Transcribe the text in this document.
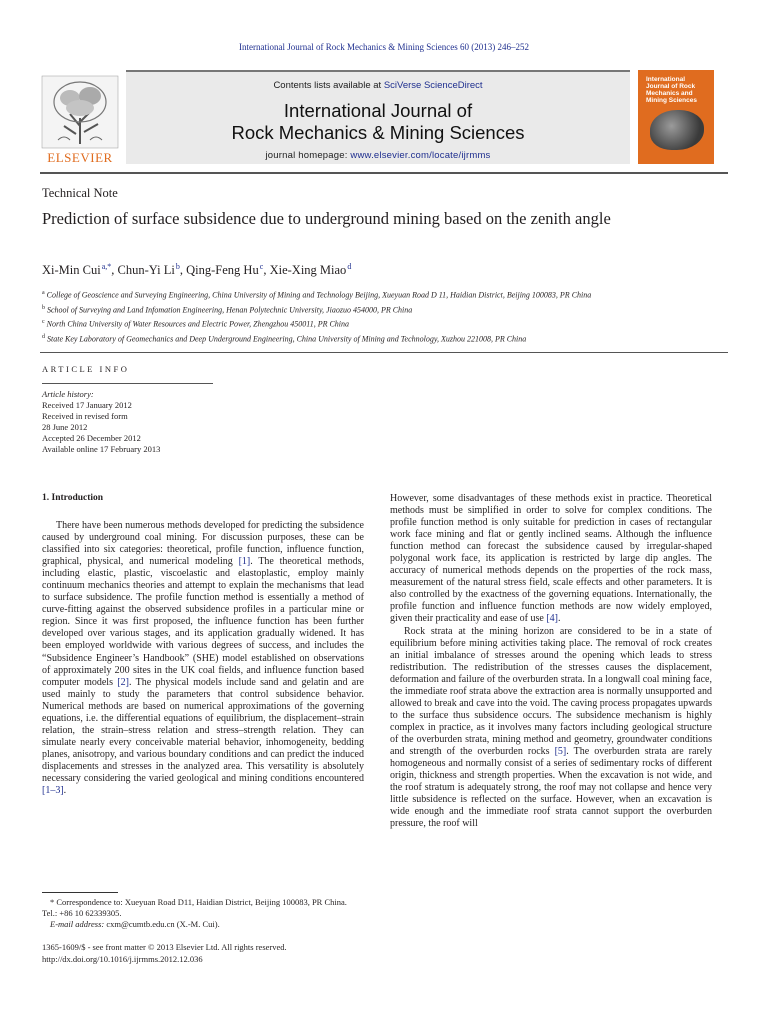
International Journal of Rock Mechanics & Mining Sciences 60 (2013) 246–252
ELSEVIER
Contents lists available at SciVerse ScienceDirect
International Journal of
Rock Mechanics & Mining Sciences
journal homepage: www.elsevier.com/locate/ijrmms
International Journal of Rock Mechanics and Mining Sciences
Technical Note
Prediction of surface subsidence due to underground mining based on the zenith angle
Xi-Min Cui $^{a,*}$, Chun-Yi Li $^b$, Qing-Feng Hu $^c$, Xie-Xing Miao $^d$
$^a$ College of Geoscience and Surveying Engineering, China University of Mining and Technology Beijing, Xueyuan Road D 11, Haidian District, Beijing 100083, PR China
$^b$ School of Surveying and Land Infomation Engineering, Henan Polytechnic University, Jiaozuo 454000, PR China
$^c$ North China University of Water Resources and Electric Power, Zhengzhou 450011, PR China
$^d$ State Key Laboratory of Geomechanics and Deep Underground Engineering, China University of Mining and Technology, Xuzhou 221008, PR China
ARTICLE INFO
Article history:
Received 17 January 2012
Received in revised form
28 June 2012
Accepted 26 December 2012
Available online 17 February 2013
1. Introduction

There have been numerous methods developed for predicting the subsidence caused by underground coal mining. For discussion purposes, these can be classified into six categories: theoretical, profile function, influence function, graphical, physical, and numerical modeling [1]. The theoretical methods, including elastic, plastic, viscoelastic and elastoplastic, employ mainly continuum mechanics theories and attempt to explain the mechanisms that lead to surface subsidence. The profile function method is essentially a method of curve-fitting against the observed subsidence profiles in a particular mine or region. Since it was first proposed, the influence function has been further developed over various stages, and its application gradually widened. It has been employed worldwide with various degrees of success, and includes the “Subsidence Engineer’s Handbook” (SHE) model established on observations of approximately 200 sites in the UK coal fields, and influence function based computer models [2]. The physical models include sand and gelatin and are used mainly to study the parameters that control subsidence behavior. Numerical methods are based on numerical approximations of the governing equations, i.e. the differential equations of equilibrium, the displacement–strain relation, the strain–stress relation and stress–strength relation. They can simulate nearly every conceivable material behavior, inhomogeneity, bedding planes, anisotropy, and various boundary conditions and can predict the induced displacements and stresses in the analyzed area. This versatility is absolutely necessary considering the varied geological and mining conditions encountered [1–3].

However, some disadvantages of these methods exist in practice. Theoretical methods must be simplified in order to solve for complex conditions. The profile function method is only suitable for prediction in cases of rectangular work face mining and flat or gently inclined seams. Although the influence function method can forecast the subsidence caused by irregular-shaped polygonal work face, its application is restricted by large dip angles. The accuracy of numerical methods depends on the properties of the rock mass, measurement of the natural stress field, scale effects and other parameters. It is also controlled by the exactness of the governing equations. Internationally, the profile function and influence function methods are now widely employed, given their practicality and ease of use [4].

Rock strata at the mining horizon are considered to be in a state of equilibrium before mining activities taking place. The removal of rock creates an initial imbalance of stresses around the opening which leads to stress redistribution. The redistribution of the stresses causes the displacement, deformation and failure of the overburden strata. In a longwall coal mining face, the immediate roof strata above the extraction area is normally unsupported and allowed to break and cave into the void. The caving process propagates upwards to the surface thus subsidence occurs. The subsidence mechanism is highly complex in practice, as it involves many factors including geological structure of the overburden strata, mining method and geometry, groundwater conditions and strength of the overburden rocks [5]. The overburden strata are rarely homogeneous and normally consist of a series of sedimentary rocks of different origin, thickness and strength properties. When the excavation is not wide, and the roof stratum is adequately strong, the roof may not collapse and hence very little subsidence is reflected on the surface. However, when an excavation is wide enough and the immediate roof strata cannot support the overburden pressure, the roof will

* Correspondence to: Xueyuan Road D11, Haidian District, Beijing 100083, PR China. Tel.: +86 10 62339305.

E-mail address: cxm@cumtb.edu.cn (X.-M. Cui).

1365-1609/$ - see front matter © 2013 Elsevier Ltd. All rights reserved.
http://dx.doi.org/10.1016/j.ijrmms.2012.12.036
